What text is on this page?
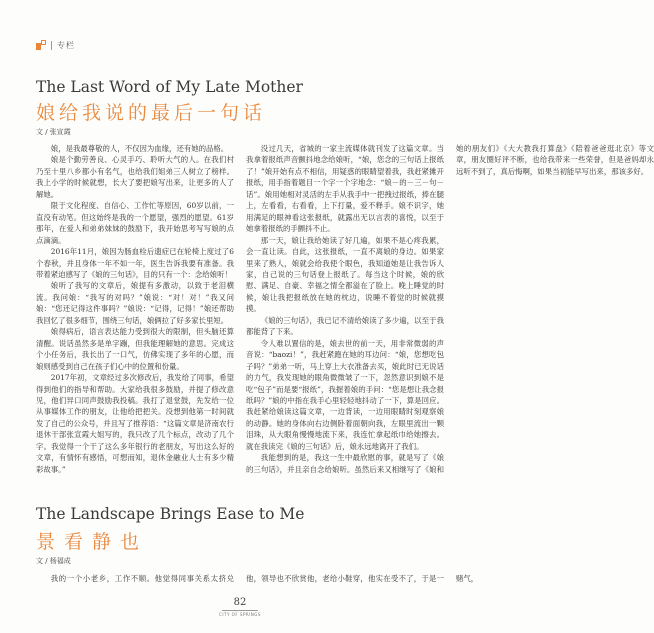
专栏
The Last Word of My Late Mother
娘给我说的最后一句话
文 / 张宣霞

娘，是我最尊敬的人，不仅因为血缘，还有她的品格。

娘是个勤劳善良、心灵手巧、聆听大气的人。在我们村乃至十里八乡都小有名气，也给我们姐弟三人树立了榜样。我上小学的时候就想，长大了要把娘写出来，让更多的人了解她。

限于文化程度、自信心、工作忙等原因，60岁以前，一直没有动笔。但这始终是我的一个愿望，强烈的愿望。61岁那年，在爱人和弟弟妹妹的鼓励下，我开始思考写写娘的点点滴滴。

2016年11月，娘因为肠血栓后遗症已在轮椅上度过了6个春秋，并且身体一年不如一年，医生告诉我要有准备。我带着紧迫感写了《娘的三句话》，目的只有一个：念给娘听！

娘听了我写的文章后，娘提有多激动，以致于老泪横流。我问娘：“我写的对吗？”娘说：“对！对！”我又问娘：“您还记得这件事吗？”娘说：“记得，记得！”娘还帮助我回忆了很多细节，围绕三句话，娘俩拉了好多家长里短。

娘得病后，语言表达能力受到很大的限制，但头脑还算清醒。说话虽然多是单字蹦，但我能理解她的意思。完成这个小任务后，我长出了一口气，仿佛实现了多年的心愿，而娘则感受到自己在孩子们心中的位置和份量。

2017年初，文章经过多次修改后，我发给了同事，希望得到他们的指导和帮助。大家给我很多鼓励，并提了修改意见，他们异口同声鼓励我投稿。我打了退堂鼓，先发给一位从事媒体工作的朋友，让他给把把关。没想到他第一时间就发了自己的公众号，并且写了推荐语：“这篇文章是济南农行退休干部张宣霞大姐写的，我只改了几个标点，改动了几个字。我觉得一个干了这么多年银行的老朋友，写出这么好的文章，有情怀有感悟，可想而知，退休金融业人士有多少精彩故事。”

没过几天，省城的一家主流媒体就刊发了这篇文章。当我拿着报纸声音颤抖地念给娘听，“娘，您念的三句话上报纸了！”娘开始有点不相信，用疑惑的眼睛望着我，我赶紧摊开报纸，用手指着题目一个字一个字地念：“娘－的－三－句－话”。娘用她相对灵活的左手从我手中一把拽过报纸，捧在腿上，左看看，右看看，上下打量，爱不释手。娘不识字，她用满足的眼神看这张报纸，就露出无以言表的喜悦，以至于她拿着报纸的手颤抖不止。

那一天，娘让我给她读了好几遍，如果不是心疼我累，会一直让读。自此，这张报纸，一直不离娘的身边。如果家里来了熟人，娘就会给我使个眼色，我知道她是让我告诉人家，自己说的三句话登上报纸了。每当这个时候，娘的欣慰、满足、自豪、幸福之情全都溢在了脸上。晚上睡觉的时候，娘让我把报纸放在她的枕边，说睡不着觉的时候就摸摸。

《娘的三句话》，我已记不清给娘读了多少遍，以至于我都能背了下来。

令人难以置信的是，娘去世的前一天，用非常微弱的声音说：“baozi！”，我赶紧跑在她的耳边问：“娘，您想吃包子吗？”弟弟一听，马上穿上大衣准备去买，娘此时已无说话的力气，我发现她的眼角微微皱了一下，忽然意识到娘不是吃“包子”而是要“报纸”，我握着娘的手问：“您是想让我念报纸吗？”娘的中指在我手心里轻轻地抖动了一下，算是回应。我赶紧给娘读这篇文章，一边背读，一边用眼睛时刻观察娘的动静。她的身体向右边侧卧着面朝向我，左眼里流出一颗泪珠，从大眼角慢慢地流下来，我连忙拿起纸巾给她擦去。就在我读完《娘的三句话》后，娘永远地离开了我们。

我能想到的是，我这一生中最欣慰的事，就是写了《娘的三句话》，并且亲自念给娘听。虽然后来又相继写了《娘和她的朋友们》《大大教我打算盘》《陪着爸爸逛北京》等文章，朋友圈好评不断，也给我带来一些荣誉，但是爸妈却永远听不到了，真后悔啊，如果当初能早写出来，那该多好。

The Landscape Brings Ease to Me
景看静也
文 / 杨福成

我的一个小老乡，工作不顺。他觉得同事关系太挤兑他，领导也不欣赏他，老给小鞋穿，他实在受不了，于是一赌气，

82
CITY OF SPRINGS
